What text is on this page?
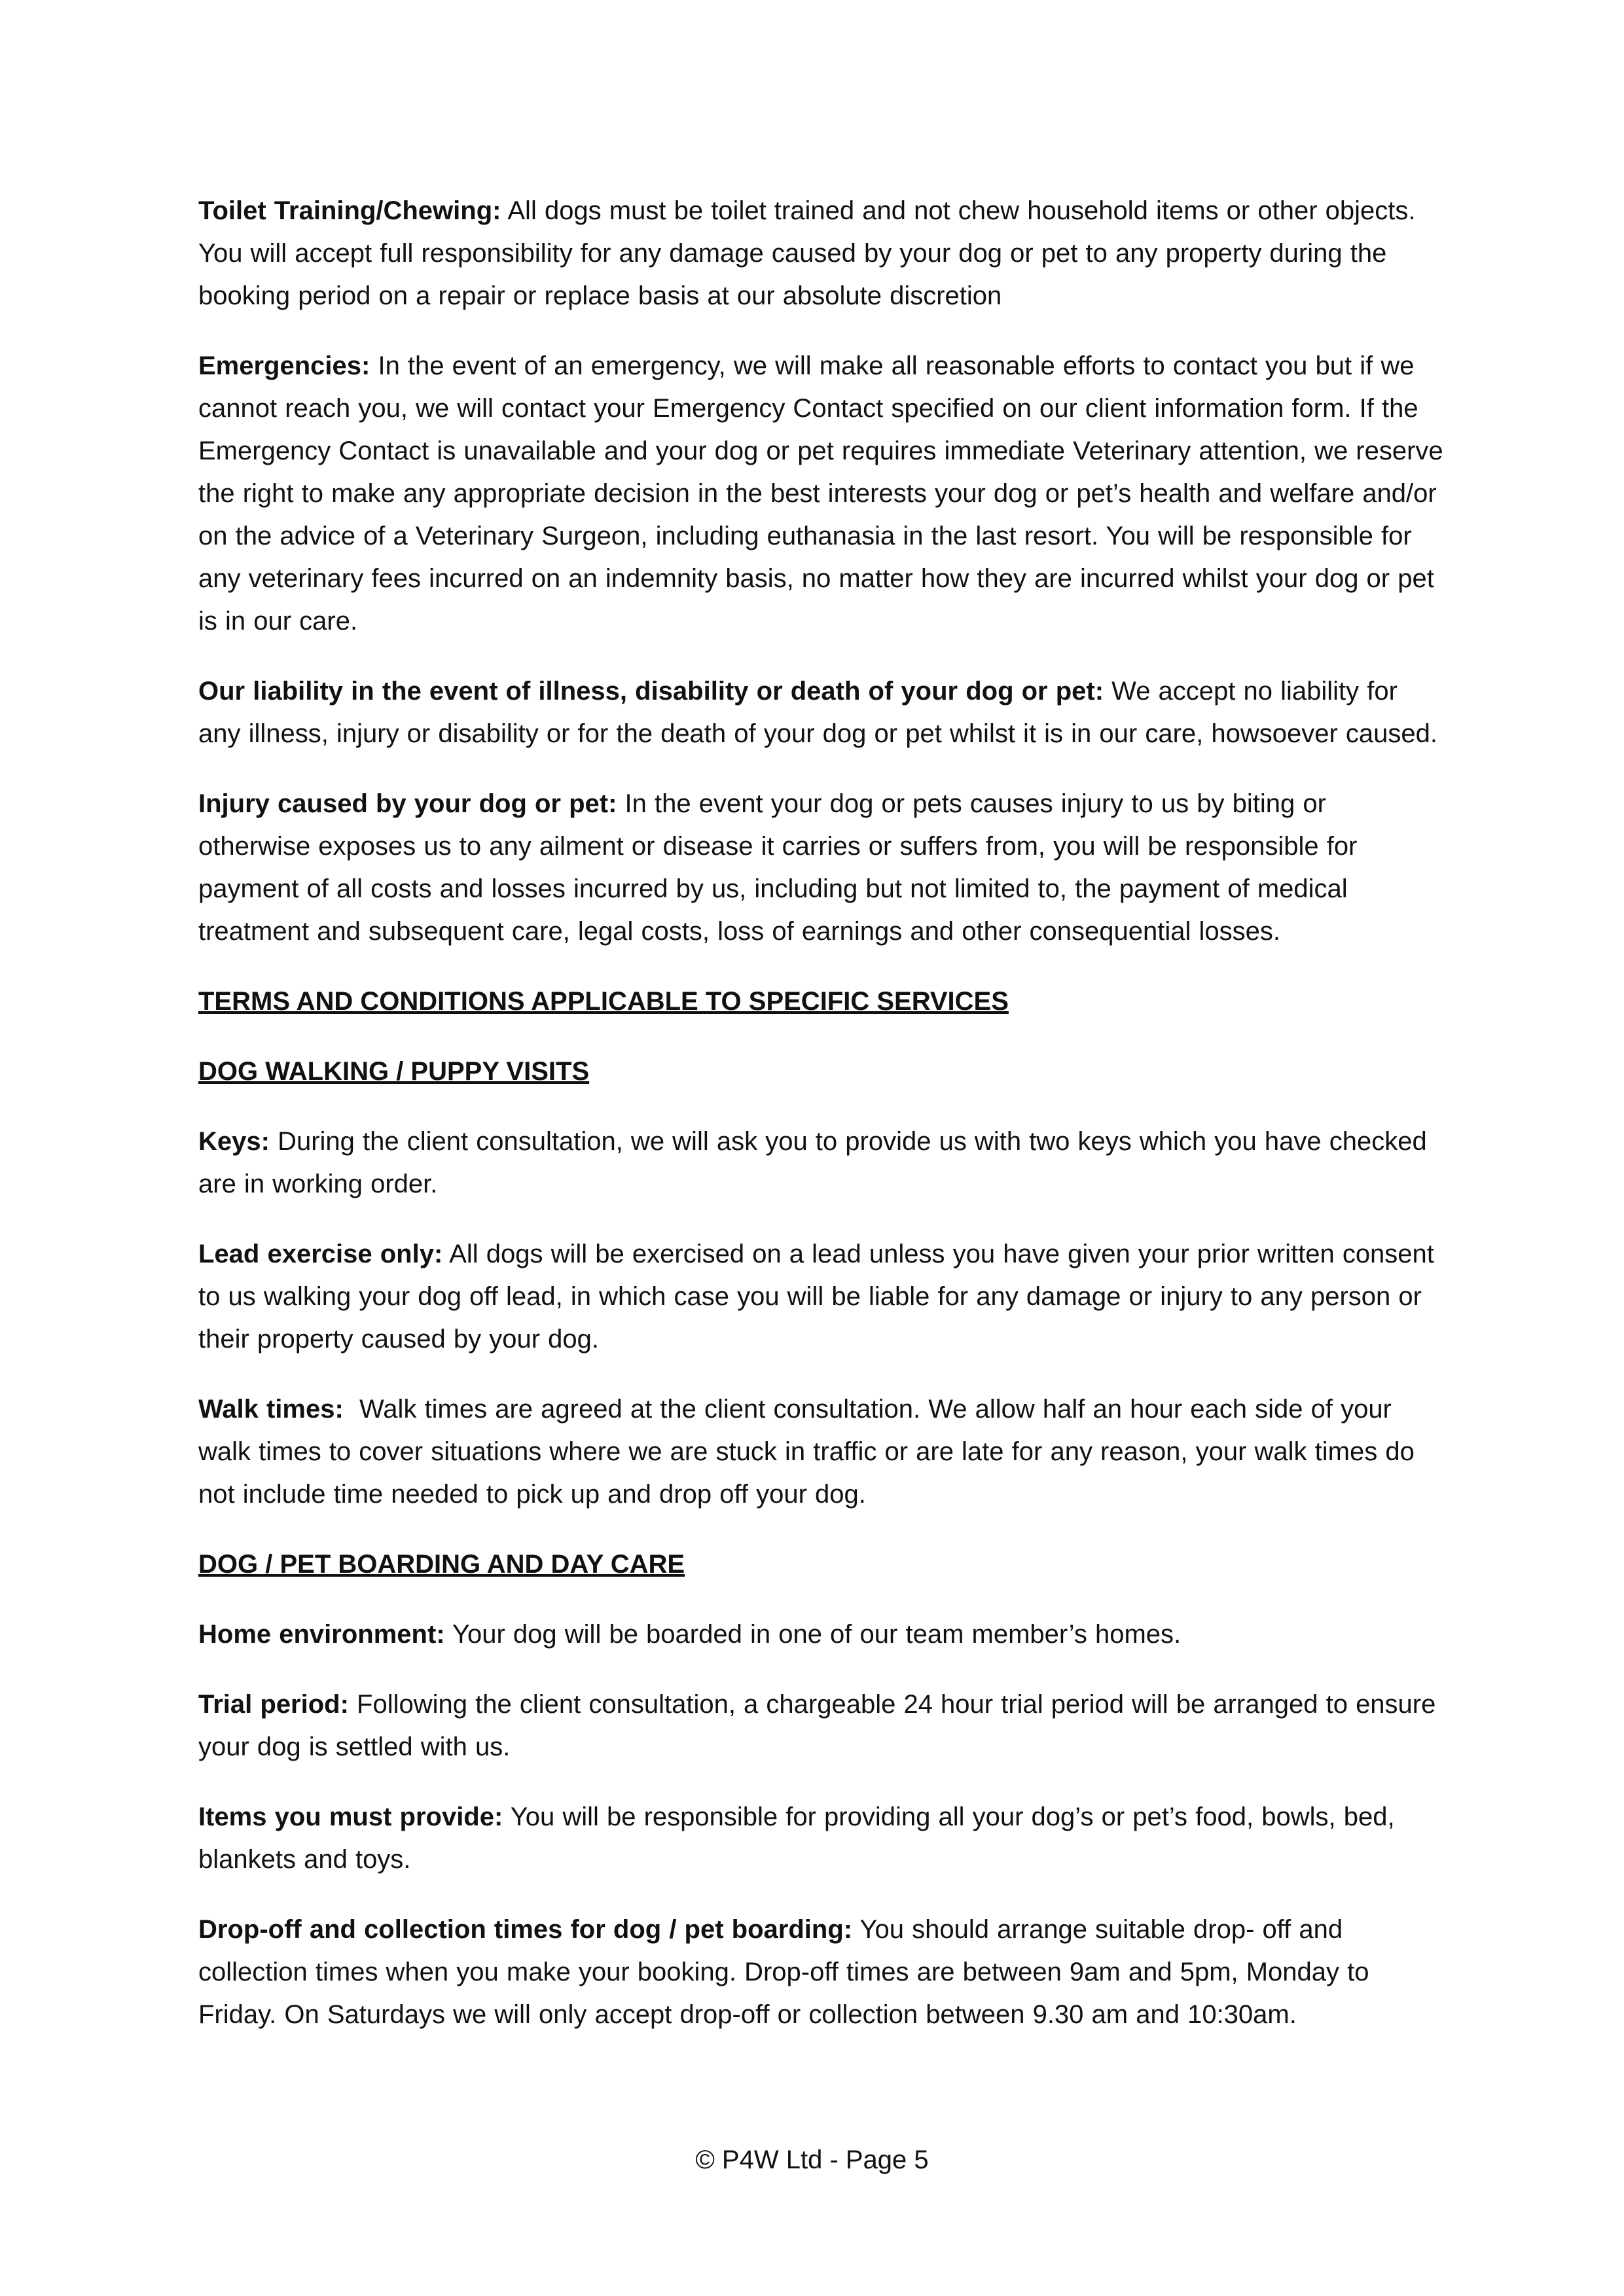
Toilet Training/Chewing: All dogs must be toilet trained and not chew household items or other objects. You will accept full responsibility for any damage caused by your dog or pet to any property during the booking period on a repair or replace basis at our absolute discretion

Emergencies: In the event of an emergency, we will make all reasonable efforts to contact you but if we cannot reach you, we will contact your Emergency Contact specified on our client information form. If the Emergency Contact is unavailable and your dog or pet requires immediate Veterinary attention, we reserve the right to make any appropriate decision in the best interests your dog or pet’s health and welfare and/or on the advice of a Veterinary Surgeon, including euthanasia in the last resort. You will be responsible for any veterinary fees incurred on an indemnity basis, no matter how they are incurred whilst your dog or pet is in our care.

Our liability in the event of illness, disability or death of your dog or pet: We accept no liability for any illness, injury or disability or for the death of your dog or pet whilst it is in our care, howsoever caused.

Injury caused by your dog or pet: In the event your dog or pets causes injury to us by biting or otherwise exposes us to any ailment or disease it carries or suffers from, you will be responsible for payment of all costs and losses incurred by us, including but not limited to, the payment of medical treatment and subsequent care, legal costs, loss of earnings and other consequential losses.

TERMS AND CONDITIONS APPLICABLE TO SPECIFIC SERVICES

DOG WALKING / PUPPY VISITS

Keys: During the client consultation, we will ask you to provide us with two keys which you have checked are in working order.

Lead exercise only: All dogs will be exercised on a lead unless you have given your prior written consent to us walking your dog off lead, in which case you will be liable for any damage or injury to any person or their property caused by your dog.

Walk times:  Walk times are agreed at the client consultation. We allow half an hour each side of your walk times to cover situations where we are stuck in traffic or are late for any reason, your walk times do not include time needed to pick up and drop off your dog.

DOG / PET BOARDING AND DAY CARE

Home environment: Your dog will be boarded in one of our team member’s homes.

Trial period: Following the client consultation, a chargeable 24 hour trial period will be arranged to ensure your dog is settled with us.

Items you must provide: You will be responsible for providing all your dog’s or pet’s food, bowls, bed, blankets and toys.

Drop-off and collection times for dog / pet boarding: You should arrange suitable drop- off and collection times when you make your booking. Drop-off times are between 9am and 5pm, Monday to Friday. On Saturdays we will only accept drop-off or collection between 9.30 am and 10:30am.

© P4W Ltd - Page 5
